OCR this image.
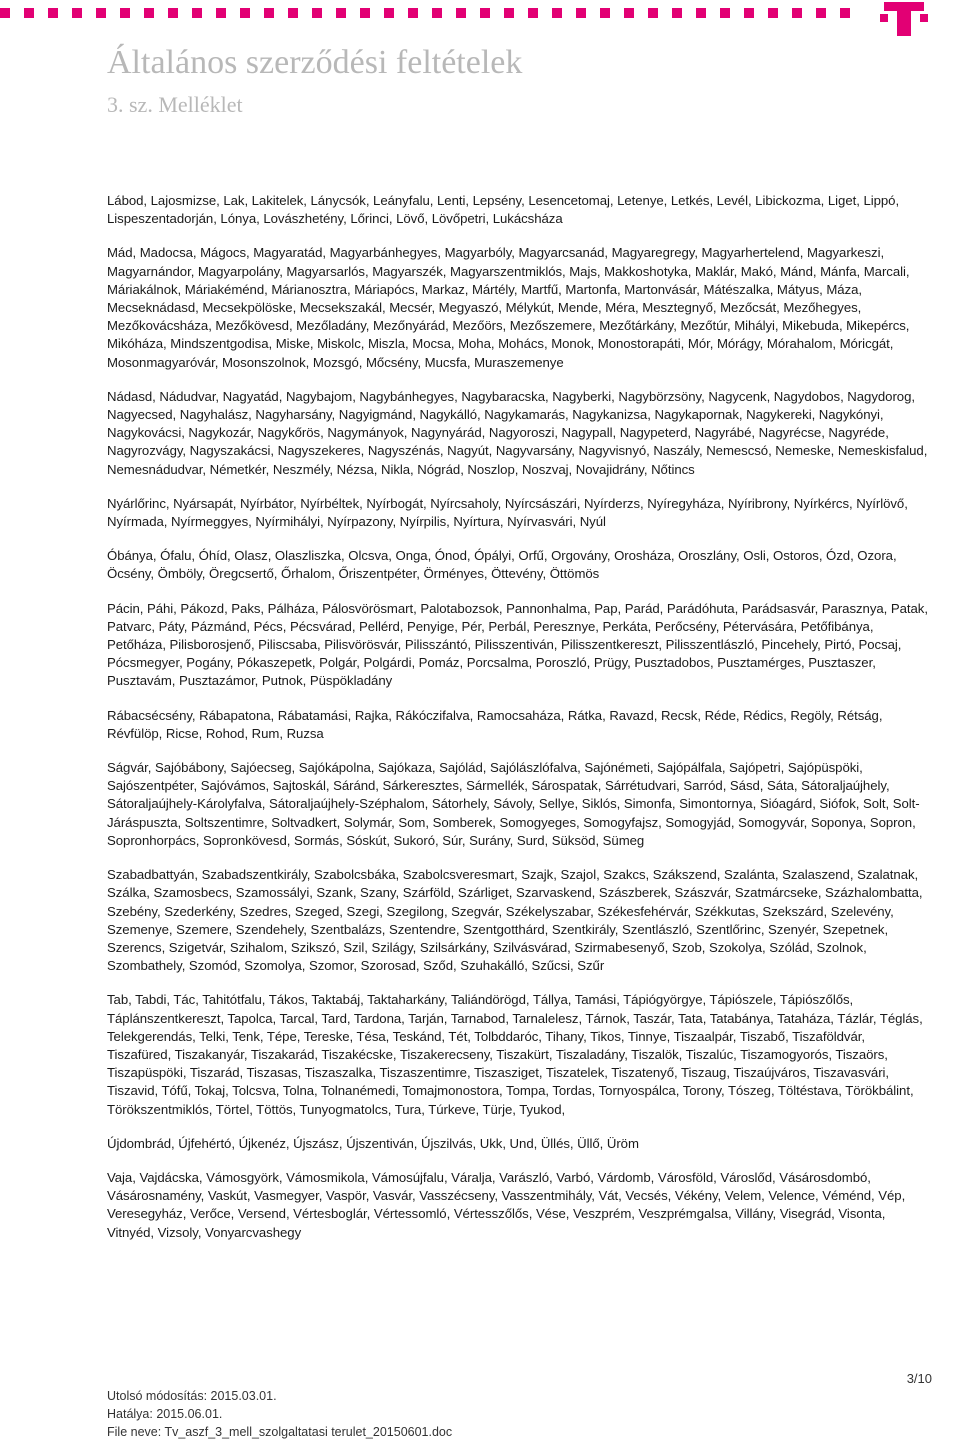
Általános szerződési feltételek
3. sz. Melléklet

Lábod, Lajosmizse, Lak, Lakitelek, Lánycsók, Leányfalu, Lenti, Lepsény, Lesencetomaj, Letenye, Letkés, Levél, Libickozma, Liget, Lippó, Lispeszentadorján, Lónya, Lovászhetény, Lőrinci, Lövő, Lövőpetri, Lukácsháza

Mád, Madocsa, Mágocs, Magyaratád, Magyarbánhegyes, Magyarbóly, Magyarcsanád, Magyaregregy, Magyarhertelend, Magyarkeszi, Magyarnándor, Magyarpolány, Magyarsarlós, Magyarszék, Magyarszentmiklós, Majs, Makkoshotyka, Maklár, Makó, Mánd, Mánfa, Marcali, Máriakálnok, Máriakéménd, Márianosztra, Máriapócs, Markaz, Mártély, Martfű, Martonfa, Martonvásár, Mátészalka, Mátyus, Máza, Mecseknádasd, Mecsekpölöske, Mecsekszakál, Mecsér, Megyaszó, Mélykút, Mende, Méra, Mesztegnyő, Mezőcsát, Mezőhegyes, Mezőkovácsháza, Mezőkövesd, Mezőladány, Mezőnyárád, Mezőörs, Mezőszemere, Mezőtárkány, Mezőtúr, Mihályi, Mikebuda, Mikepércs, Mikóháza, Mindszentgodisa, Miske, Miskolc, Miszla, Mocsa, Moha, Mohács, Monok, Monostorapáti, Mór, Mórágy, Mórahalom, Móricgát, Mosonmagyaróvár, Mosonszolnok, Mozsgó, Mőcsény, Mucsfa, Muraszemenye

Nádasd, Nádudvar, Nagyatád, Nagybajom, Nagybánhegyes, Nagybaracska, Nagyberki, Nagybörzsöny, Nagycenk, Nagydobos, Nagydorog, Nagyecsed, Nagyhalász, Nagyharsány, Nagyigmánd, Nagykálló, Nagykamarás, Nagykanizsa, Nagykapornak, Nagykereki, Nagykónyi, Nagykovácsi, Nagykozár, Nagykőrös, Nagymányok, Nagynyárád, Nagyoroszi, Nagypall, Nagypeterd, Nagyrábé, Nagyrécse, Nagyréde, Nagyrozvágy, Nagyszakácsi, Nagyszekeres, Nagyszénás, Nagyút, Nagyvarsány, Nagyvisnyó, Naszály, Nemescsó, Nemeske, Nemeskisfalud, Nemesnádudvar, Németkér, Neszmély, Nézsa, Nikla, Nógrád, Noszlop, Noszvaj, Novajidrány, Nőtincs

Nyárlőrinc, Nyársapát, Nyírbátor, Nyírbéltek, Nyírbogát, Nyírcsaholy, Nyírcsászári, Nyírderzs, Nyíregyháza, Nyíribrony, Nyírkércs, Nyírlövő, Nyírmada, Nyírmeggyes, Nyírmihályi, Nyírpazony, Nyírpilis, Nyírtura, Nyírvasvári, Nyúl

Óbánya, Ófalu, Óhíd, Olasz, Olaszliszka, Olcsva, Onga, Ónod, Ópályi, Orfű, Orgovány, Orosháza, Oroszlány, Osli, Ostoros, Ózd, Ozora, Öcsény, Ömböly, Öregcsertő, Őrhalom, Őriszentpéter, Örményes, Öttevény, Öttömös

Pácin, Páhi, Pákozd, Paks, Pálháza, Pálosvörösmart, Palotabozsok, Pannonhalma, Pap, Parád, Parádóhuta, Parádsasvár, Parasznya, Patak, Patvarc, Páty, Pázmánd, Pécs, Pécsvárad, Pellérd, Penyige, Pér, Perbál, Peresznye, Perkáta, Perőcsény, Pétervására, Petőfibánya, Petőháza, Pilisborosjenő, Piliscsaba, Pilisvörösvár, Pilisszántó, Pilisszentiván, Pilisszentkereszt, Pilisszentlászló, Pincehely, Pirtó, Pocsaj, Pócsmegyer, Pogány, Pókaszepetk, Polgár, Polgárdi, Pomáz, Porcsalma, Poroszló, Prügy, Pusztadobos, Pusztamérges, Pusztaszer, Pusztavám, Pusztazámor, Putnok, Püspökladány

Rábacsécsény, Rábapatona, Rábatamási, Rajka, Rákóczifalva, Ramocsaháza, Rátka, Ravazd, Recsk, Réde, Rédics, Regöly, Rétság, Révfülöp, Ricse, Rohod, Rum, Ruzsa

Ságvár, Sajóbábony, Sajóecseg, Sajókápolna, Sajókaza, Sajólád, Sajólászlófalva, Sajónémeti, Sajópálfala, Sajópetri, Sajópüspöki, Sajószentpéter, Sajóvámos, Sajtoskál, Sáránd, Sárkeresztes, Sármellék, Sárospatak, Sárrétudvari, Sarród, Sásd, Sáta, Sátoraljaújhely, Sátoraljaújhely-Károlyfalva, Sátoraljaújhely-Széphalom, Sátorhely, Sávoly, Sellye, Siklós, Simonfa, Simontornya, Sióagárd, Siófok, Solt, Solt-Járáspuszta, Soltszentimre, Soltvadkert, Solymár, Som, Somberek, Somogyeges, Somogyfajsz, Somogyjád, Somogyvár, Soponya, Sopron, Sopronhorpács, Sopronkövesd, Sormás, Sóskút, Sukoró, Súr, Surány, Surd, Süksöd, Sümeg

Szabadbattyán, Szabadszentkirály, Szabolcsbáka, Szabolcsveresmart, Szajk, Szajol, Szakcs, Szákszend, Szalánta, Szalaszend, Szalatnak, Szálka, Szamosbecs, Szamossályi, Szank, Szany, Szárföld, Szárliget, Szarvaskend, Szászberek, Szászvár, Szatmárcseke, Százhalombatta, Szebény, Szederkény, Szedres, Szeged, Szegi, Szegilong, Szegvár, Székelyszabar, Székesfehérvár, Székkutas, Szekszárd, Szelevény, Szemenye, Szemere, Szendehely, Szentbalázs, Szentendre, Szentgotthárd, Szentkirály, Szentlászló, Szentlőrinc, Szenyér, Szepetnek, Szerencs, Szigetvár, Szihalom, Szikszó, Szil, Szilágy, Szilsárkány, Szilvásvárad, Szirmabesenyő, Szob, Szokolya, Szólád, Szolnok, Szombathely, Szomód, Szomolya, Szomor, Szorosad, Sződ, Szuhakálló, Szűcsi, Szűr

Tab, Tabdi, Tác, Tahitótfalu, Tákos, Taktabáj, Taktaharkány, Taliándörögd, Tállya, Tamási, Tápiógyörgye, Tápiószele, Tápiószőlős, Táplánszentkereszt, Tapolca, Tarcal, Tard, Tardona, Tarján, Tarnabod, Tarnalelesz, Tárnok, Taszár, Tata, Tatabánya, Tataháza, Tázlár, Téglás, Telekgerendás, Telki, Tenk, Tépe, Tereske, Tésa, Teskánd, Tét, Tolbddaróc, Tihany, Tikos, Tinnye, Tiszaalpár, Tiszabő, Tiszaföldvár, Tiszafüred, Tiszakanyár, Tiszakarád, Tiszakécske, Tiszakerecseny, Tiszakürt, Tiszaladány, Tiszalök, Tiszalúc, Tiszamogyorós, Tiszaörs, Tiszapüspöki, Tiszarád, Tiszasas, Tiszaszalka, Tiszaszentimre, Tiszasziget, Tiszatelek, Tiszatenyő, Tiszaug, Tiszaújváros, Tiszavasvári, Tiszavid, Tófű, Tokaj, Tolcsva, Tolna, Tolnanémedi, Tomajmonostora, Tompa, Tordas, Tornyospálca, Torony, Tószeg, Töltéstava, Törökbálint, Törökszentmiklós, Törtel, Töttös, Tunyogmatolcs, Tura, Túrkeve, Türje, Tyukod,

Újdombrád, Újfehértó, Újkenéz, Újszász, Újszentiván, Újszilvás, Ukk, Und, Üllés, Üllő, Üröm

Vaja, Vajdácska, Vámosgyörk, Vámosmikola, Vámosújfalu, Váralja, Varászló, Varbó, Várdomb, Városföld, Városlőd, Vásárosdombó, Vásárosnamény, Vaskút, Vasmegyer, Vaspör, Vasvár, Vasszécseny, Vasszentmihály, Vát, Vecsés, Vékény, Velem, Velence, Véménd, Vép, Veresegyház, Verőce, Versend, Vértesboglár, Vértessomló, Vértesszőlős, Vése, Veszprém, Veszprémgalsa, Villány, Visegrád, Visonta, Vitnyéd, Vizsoly, Vonyarcvashegy

3/10
Utolsó módosítás: 2015.03.01.
Hatálya: 2015.06.01.
File neve: Tv_aszf_3_mell_szolgaltatasi terulet_20150601.doc
